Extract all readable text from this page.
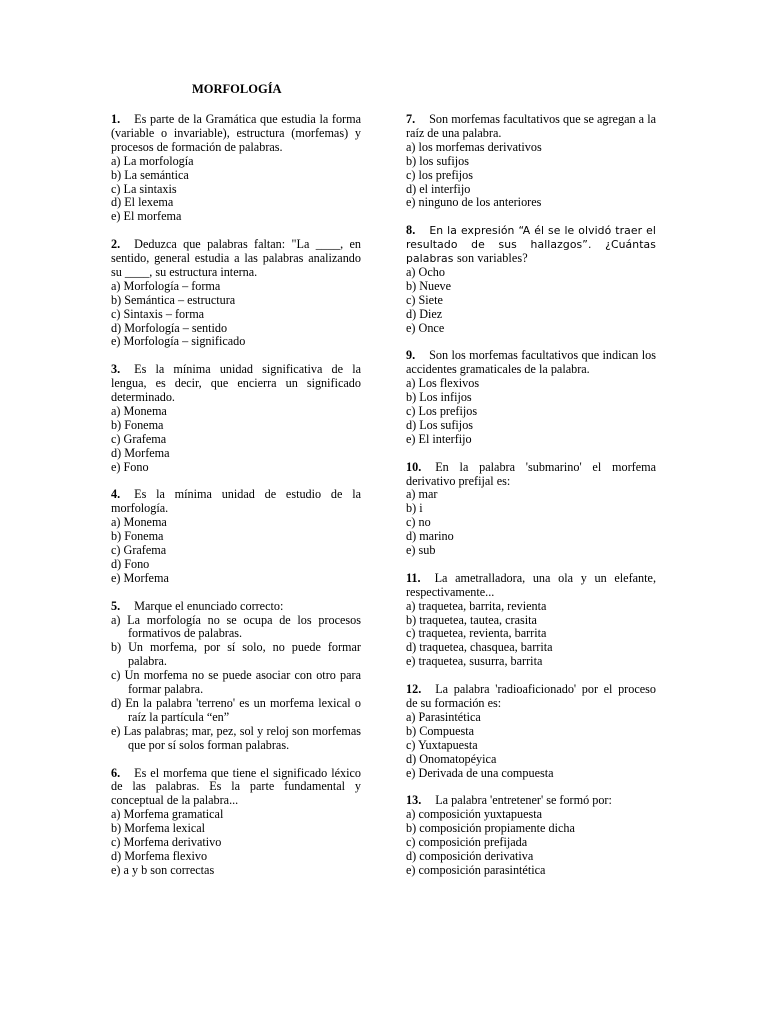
MORFOLOGÍA

1. Es parte de la Gramática que estudia la forma (variable o invariable), estructura (morfemas) y procesos de formación de palabras.

a) La morfología
b) La semántica
c) La sintaxis
d) El lexema
e) El morfema

2. Deduzca que palabras faltan: "La ____, en sentido, general estudia a las palabras analizando su ____, su estructura interna.

a) Morfología – forma
b) Semántica – estructura
c) Sintaxis – forma
d) Morfología – sentido
e) Morfología – significado

3. Es la mínima unidad significativa de la lengua, es decir, que encierra un significado determinado.

a) Monema
b) Fonema
c) Grafema
d) Morfema
e) Fono

4. Es la mínima unidad de estudio de la morfología.

a) Monema
b) Fonema
c) Grafema
d) Fono
e) Morfema

5. Marque el enunciado correcto:

a) La morfología no se ocupa de los procesos formativos de palabras.
b) Un morfema, por sí solo, no puede formar palabra.
c) Un morfema no se puede asociar con otro para formar palabra.
d) En la palabra 'terreno' es un morfema lexical o raíz la partícula “en”
e) Las palabras; mar, pez, sol y reloj son morfemas que por sí solos forman palabras.

6. Es el morfema que tiene el significado léxico de las palabras. Es la parte fundamental y conceptual de la palabra...

a) Morfema gramatical
b) Morfema lexical
c) Morfema derivativo
d) Morfema flexivo
e) a y b son correctas

7. Son morfemas facultativos que se agregan a la raíz de una palabra.

a) los morfemas derivativos
b) los sufijos
c) los prefijos
d) el interfijo
e) ninguno de los anteriores

8. En la expresión “A él se le olvidó traer el resultado de sus hallazgos”. ¿Cuántas palabras son variables?

a) Ocho
b) Nueve
c) Siete
d) Diez
e) Once

9. Son los morfemas facultativos que indican los accidentes gramaticales de la palabra.

a) Los flexivos
b) Los infijos
c) Los prefijos
d) Los sufijos
e) El interfijo

10. En la palabra 'submarino' el morfema derivativo prefijal es:

a) mar
b) i
c) no
d) marino
e) sub

11. La ametralladora, una ola y un elefante, respectivamente...

a) traquetea, barrita, revienta
b) traquetea, tautea, crasita
c) traquetea, revienta, barrita
d) traquetea, chasquea, barrita
e) traquetea, susurra, barrita

12. La palabra 'radioaficionado' por el proceso de su formación es:

a) Parasintética
b) Compuesta
c) Yuxtapuesta
d) Onomatopéyica
e) Derivada de una compuesta

13. La palabra 'entretener' se formó por:

a) composición yuxtapuesta
b) composición propiamente dicha
c) composición prefijada
d) composición derivativa
e) composición parasintética
